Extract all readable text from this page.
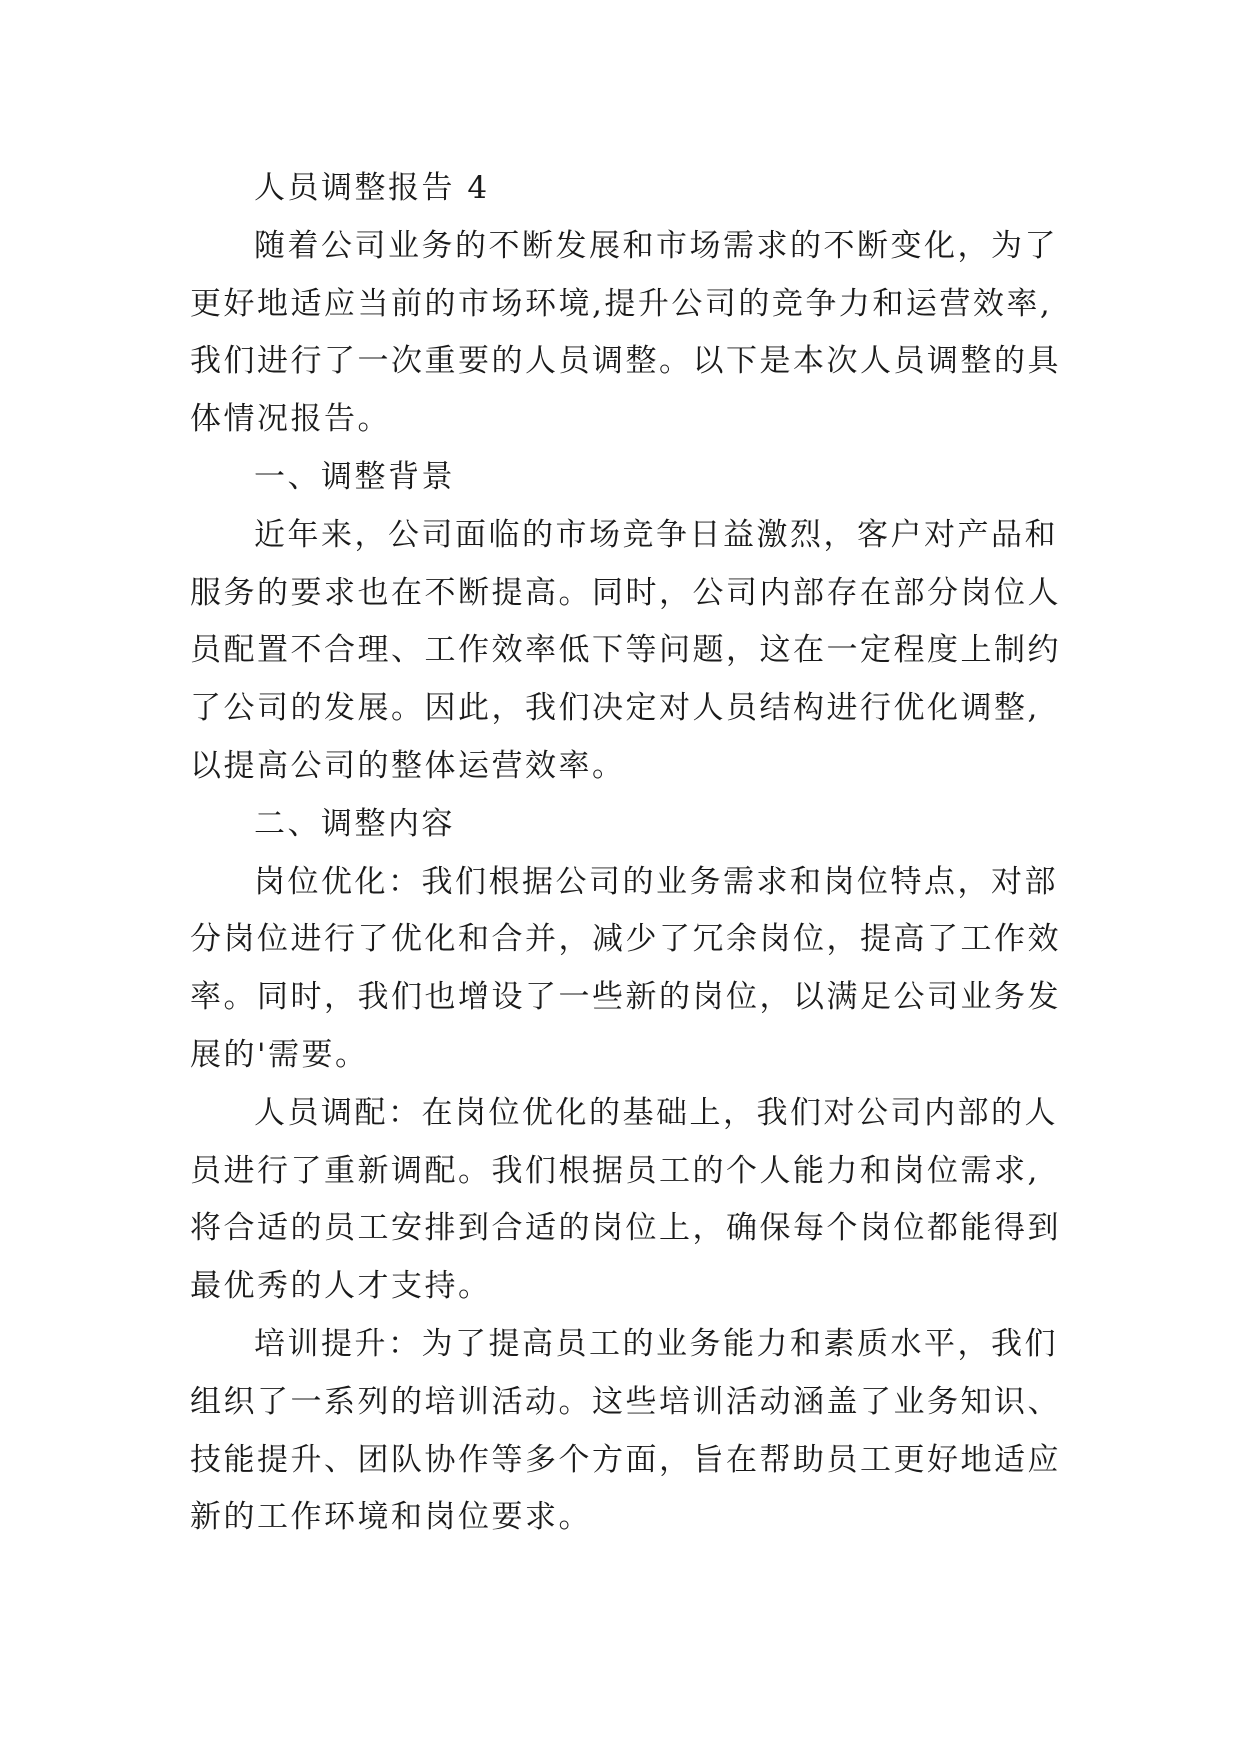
人员调整报告 4
随着公司业务的不断发展和市场需求的不断变化，为了
更好地适应当前的市场环境,提升公司的竞争力和运营效率,
我们进行了一次重要的人员调整。以下是本次人员调整的具
体情况报告。
一、调整背景
近年来，公司面临的市场竞争日益激烈，客户对产品和
服务的要求也在不断提高。同时，公司内部存在部分岗位人
员配置不合理、工作效率低下等问题，这在一定程度上制约
了公司的发展。因此，我们决定对人员结构进行优化调整,
以提高公司的整体运营效率。
二、调整内容
岗位优化：我们根据公司的业务需求和岗位特点，对部
分岗位进行了优化和合并，减少了冗余岗位，提高了工作效
率。同时，我们也增设了一些新的岗位，以满足公司业务发
展的'需要。
人员调配：在岗位优化的基础上，我们对公司内部的人
员进行了重新调配。我们根据员工的个人能力和岗位需求,
将合适的员工安排到合适的岗位上，确保每个岗位都能得到
最优秀的人才支持。
培训提升：为了提高员工的业务能力和素质水平，我们
组织了一系列的培训活动。这些培训活动涵盖了业务知识、
技能提升、团队协作等多个方面，旨在帮助员工更好地适应
新的工作环境和岗位要求。
